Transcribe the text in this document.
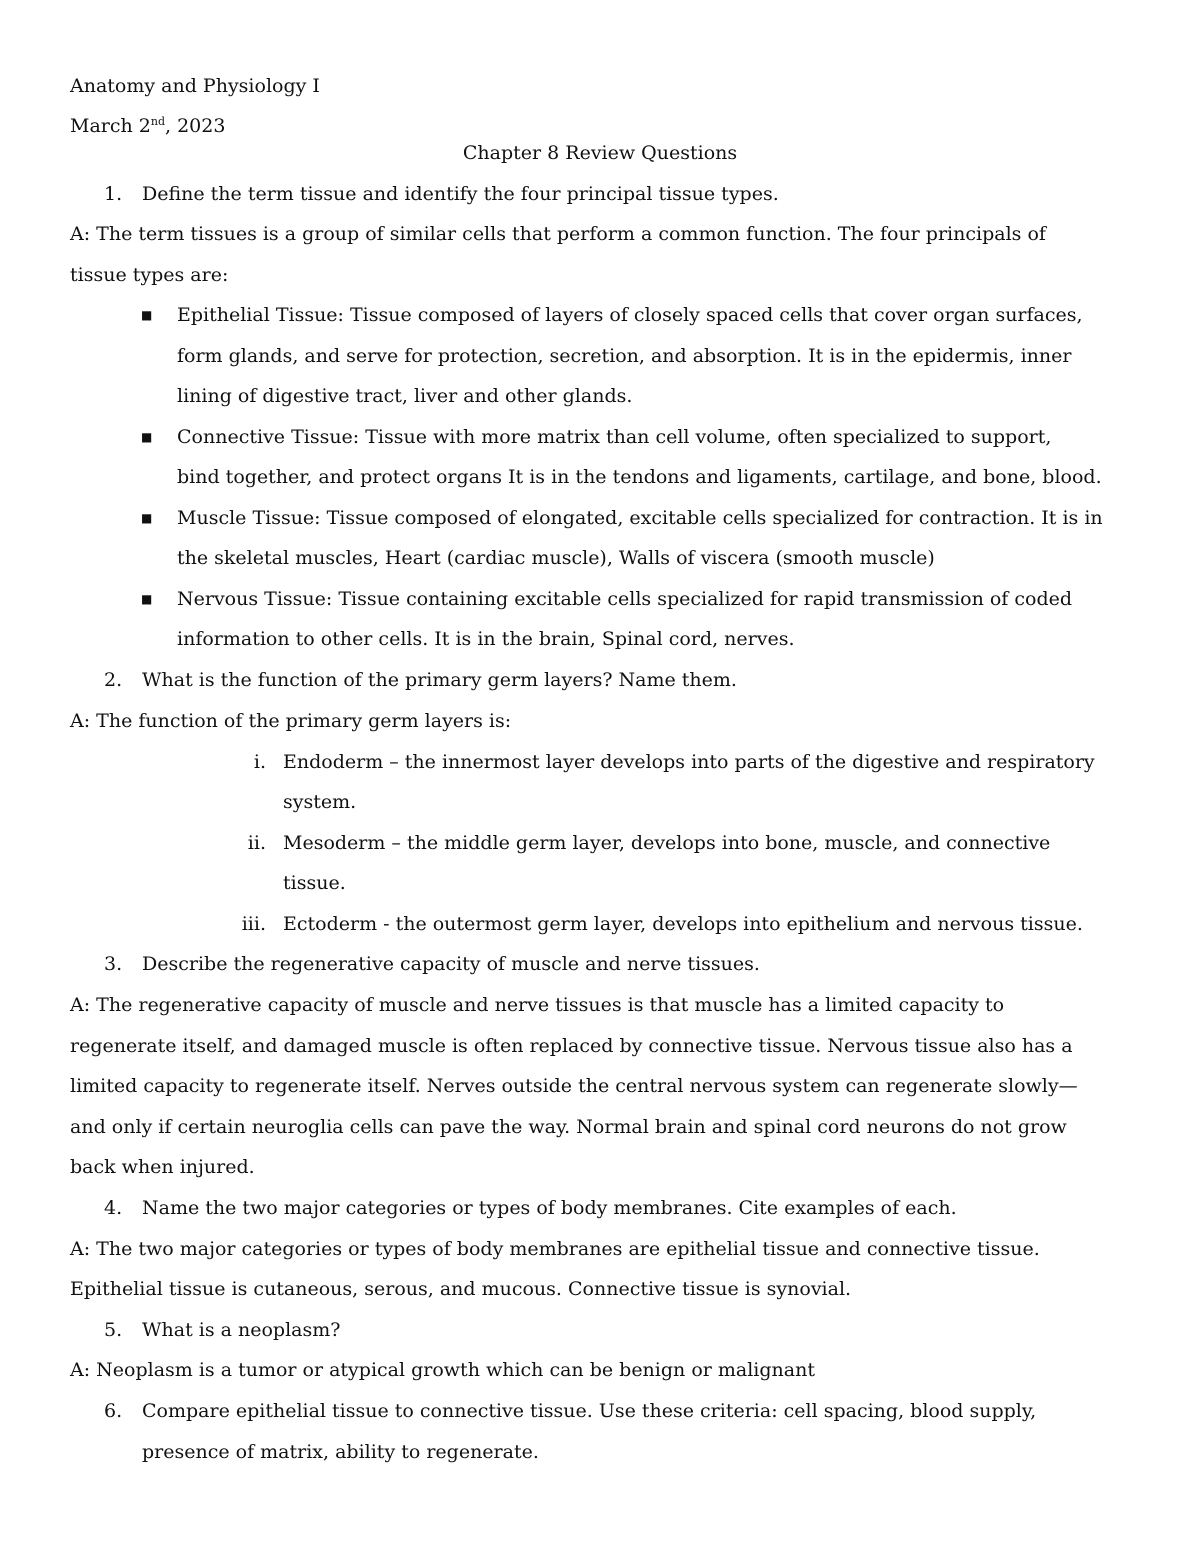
Anatomy and Physiology I
March 2nd, 2023
Chapter 8 Review Questions
1. Define the term tissue and identify the four principal tissue types.
A: The term tissues is a group of similar cells that perform a common function. The four principals of
tissue types are:
■ Epithelial Tissue: Tissue composed of layers of closely spaced cells that cover organ surfaces,
form glands, and serve for protection, secretion, and absorption. It is in the epidermis, inner
lining of digestive tract, liver and other glands.
■ Connective Tissue: Tissue with more matrix than cell volume, often specialized to support,
bind together, and protect organs It is in the tendons and ligaments, cartilage, and bone, blood.
■ Muscle Tissue: Tissue composed of elongated, excitable cells specialized for contraction. It is in
the skeletal muscles, Heart (cardiac muscle), Walls of viscera (smooth muscle)
■ Nervous Tissue: Tissue containing excitable cells specialized for rapid transmission of coded
information to other cells. It is in the brain, Spinal cord, nerves.
2. What is the function of the primary germ layers? Name them.
A: The function of the primary germ layers is:
i. Endoderm – the innermost layer develops into parts of the digestive and respiratory
system.
ii. Mesoderm – the middle germ layer, develops into bone, muscle, and connective
tissue.
iii. Ectoderm - the outermost germ layer, develops into epithelium and nervous tissue.
3. Describe the regenerative capacity of muscle and nerve tissues.
A: The regenerative capacity of muscle and nerve tissues is that muscle has a limited capacity to
regenerate itself, and damaged muscle is often replaced by connective tissue. Nervous tissue also has a
limited capacity to regenerate itself. Nerves outside the central nervous system can regenerate slowly—
and only if certain neuroglia cells can pave the way. Normal brain and spinal cord neurons do not grow
back when injured.
4. Name the two major categories or types of body membranes. Cite examples of each.
A: The two major categories or types of body membranes are epithelial tissue and connective tissue.
Epithelial tissue is cutaneous, serous, and mucous. Connective tissue is synovial.
5. What is a neoplasm?
A: Neoplasm is a tumor or atypical growth which can be benign or malignant
6. Compare epithelial tissue to connective tissue. Use these criteria: cell spacing, blood supply,
presence of matrix, ability to regenerate.
